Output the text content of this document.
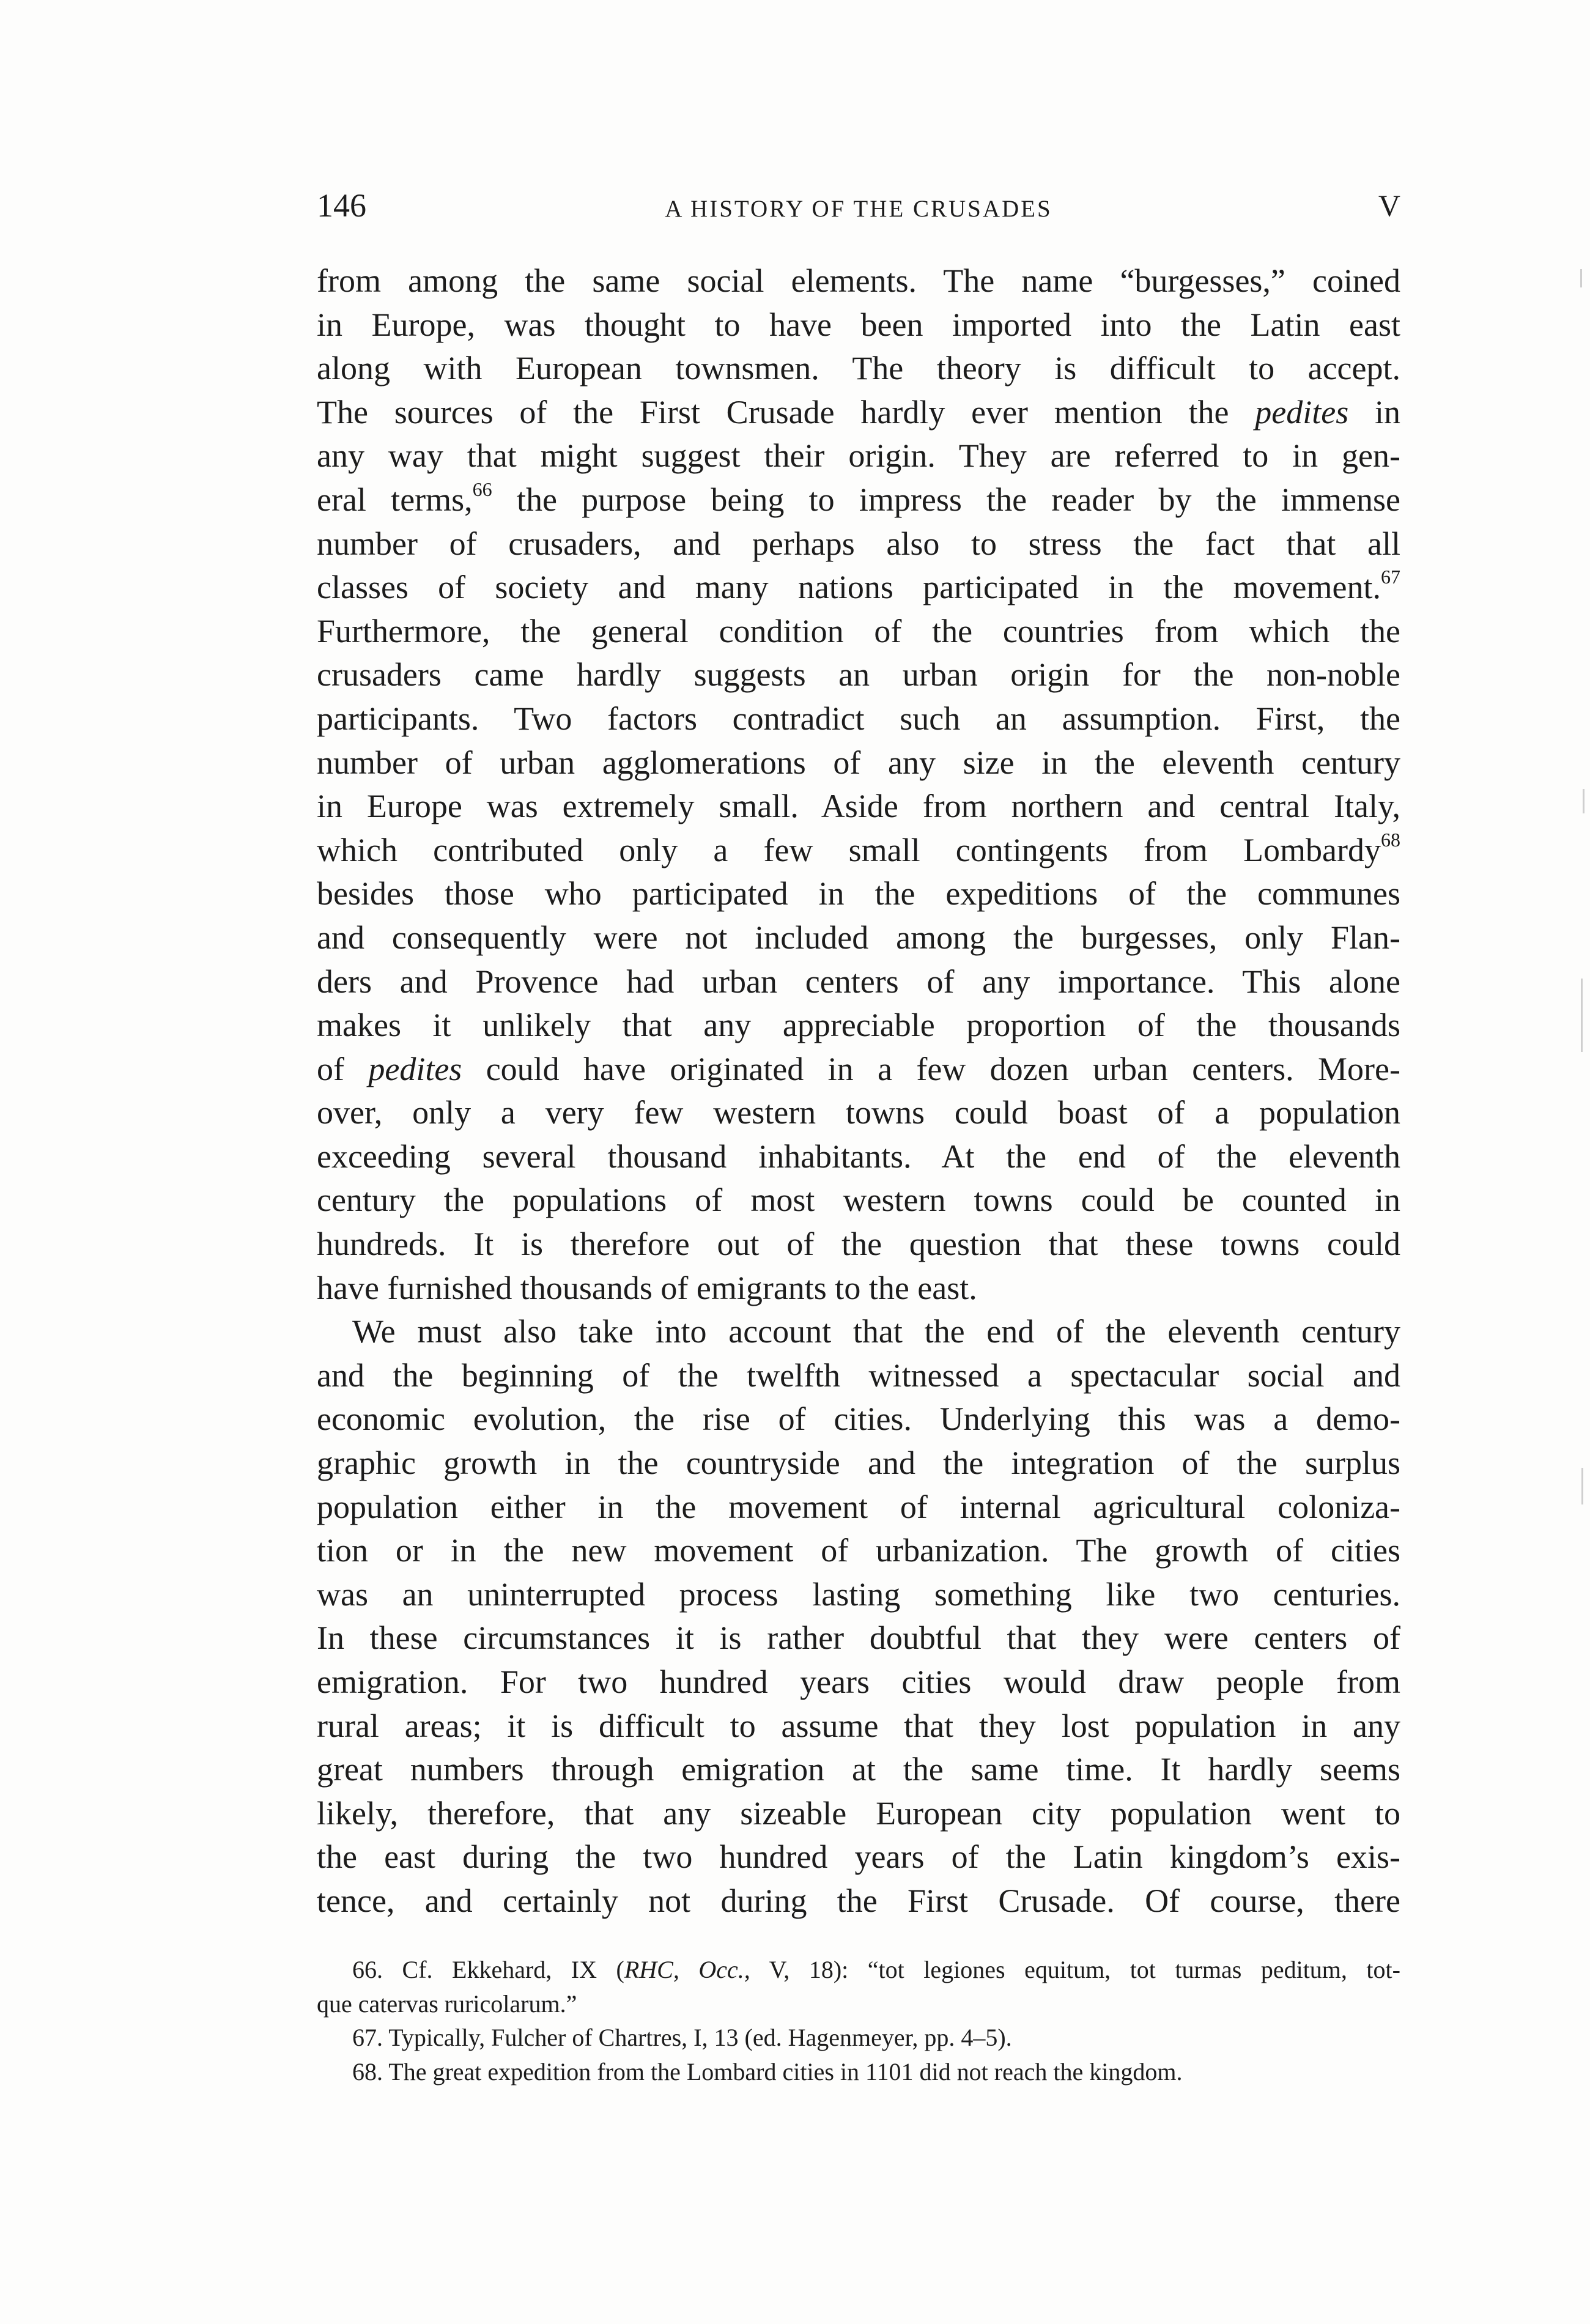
146	A HISTORY OF THE CRUSADES	V
from among the same social elements. The name “burgesses,” coined
in Europe, was thought to have been imported into the Latin east
along with European townsmen. The theory is difficult to accept.
The sources of the First Crusade hardly ever mention the pedites in
any way that might suggest their origin. They are referred to in gen-
eral terms,$^{66}$ the purpose being to impress the reader by the immense
number of crusaders, and perhaps also to stress the fact that all
classes of society and many nations participated in the movement.$^{67}$
Furthermore, the general condition of the countries from which the
crusaders came hardly suggests an urban origin for the non-noble
participants. Two factors contradict such an assumption. First, the
number of urban agglomerations of any size in the eleventh century
in Europe was extremely small. Aside from northern and central Italy,
which contributed only a few small contingents from Lombardy$^{68}$
besides those who participated in the expeditions of the communes
and consequently were not included among the burgesses, only Flan-
ders and Provence had urban centers of any importance. This alone
makes it unlikely that any appreciable proportion of the thousands
of pedites could have originated in a few dozen urban centers. More-
over, only a very few western towns could boast of a population
exceeding several thousand inhabitants. At the end of the eleventh
century the populations of most western towns could be counted in
hundreds. It is therefore out of the question that these towns could
have furnished thousands of emigrants to the east.
We must also take into account that the end of the eleventh century
and the beginning of the twelfth witnessed a spectacular social and
economic evolution, the rise of cities. Underlying this was a demo-
graphic growth in the countryside and the integration of the surplus
population either in the movement of internal agricultural coloniza-
tion or in the new movement of urbanization. The growth of cities
was an uninterrupted process lasting something like two centuries.
In these circumstances it is rather doubtful that they were centers of
emigration. For two hundred years cities would draw people from
rural areas; it is difficult to assume that they lost population in any
great numbers through emigration at the same time. It hardly seems
likely, therefore, that any sizeable European city population went to
the east during the two hundred years of the Latin kingdom’s exis-
tence, and certainly not during the First Crusade. Of course, there
66. Cf. Ekkehard, IX (RHC, Occ., V, 18): “tot legiones equitum, tot turmas peditum, tot-
que catervas ruricolarum.”
67. Typically, Fulcher of Chartres, I, 13 (ed. Hagenmeyer, pp. 4–5).
68. The great expedition from the Lombard cities in 1101 did not reach the kingdom.
